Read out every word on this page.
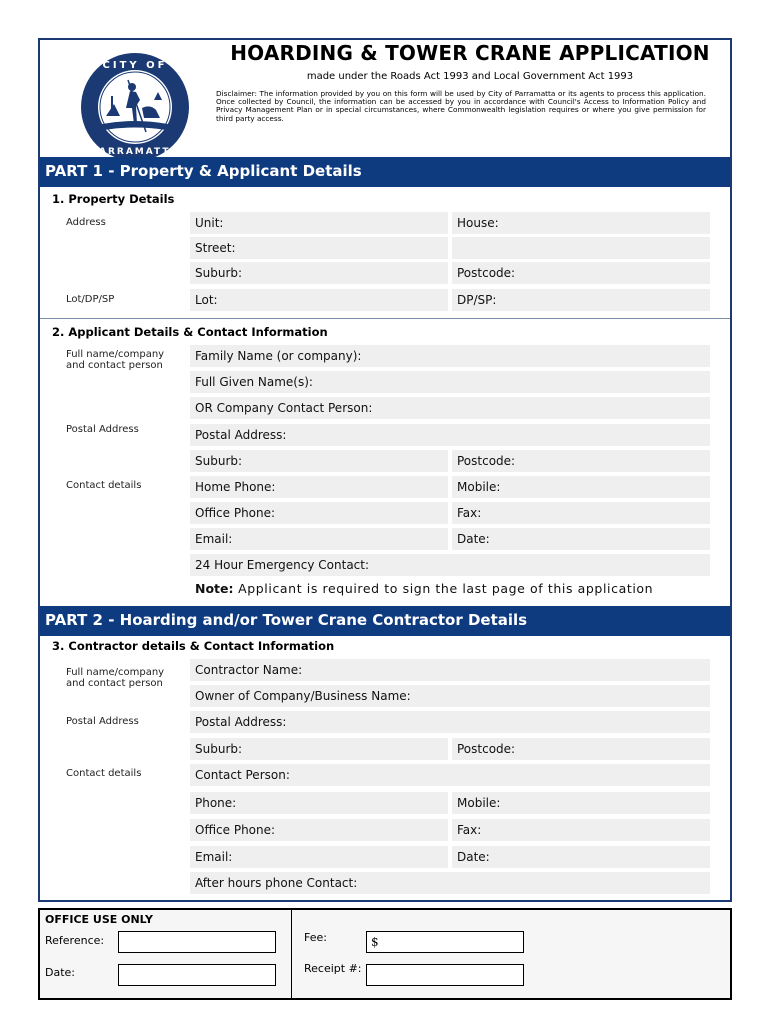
CITY OF
PARRAMATTA
HOARDING & TOWER CRANE APPLICATION
made under the Roads Act 1993 and Local Government Act 1993
Disclaimer: The information provided by you on this form will be used by City of Parramatta or its agents to process this application. Once collected by Council, the information can be accessed by you in accordance with Council's Access to Information Policy and Privacy Management Plan or in special circumstances, where Commonwealth legislation requires or where you give permission for third party access.
PART 1 - Property & Applicant Details
1. Property Details
Address	Unit:	House:
Street:
Suburb:	Postcode:
Lot/DP/SP	Lot:	DP/SP:
2. Applicant Details & Contact Information
Full name/company and contact person
Family Name (or company):
Full Given Name(s):
OR Company Contact Person:
Postal Address	Postal Address:
Suburb:	Postcode:
Contact details	Home Phone:	Mobile:
Office Phone:	Fax:
Email:	Date:
24 Hour Emergency Contact:
Note: Applicant is required to sign the last page of this application
PART 2 - Hoarding and/or Tower Crane Contractor Details
3. Contractor details & Contact Information
Full name/company and contact person
Contractor Name:
Owner of Company/Business Name:
Postal Address	Postal Address:
Suburb:	Postcode:
Contact details	Contact Person:
Phone:	Mobile:
Office Phone:	Fax:
Email:	Date:
After hours phone Contact:
OFFICE USE ONLY
Reference:
Date:
Fee:	$
Receipt #:
